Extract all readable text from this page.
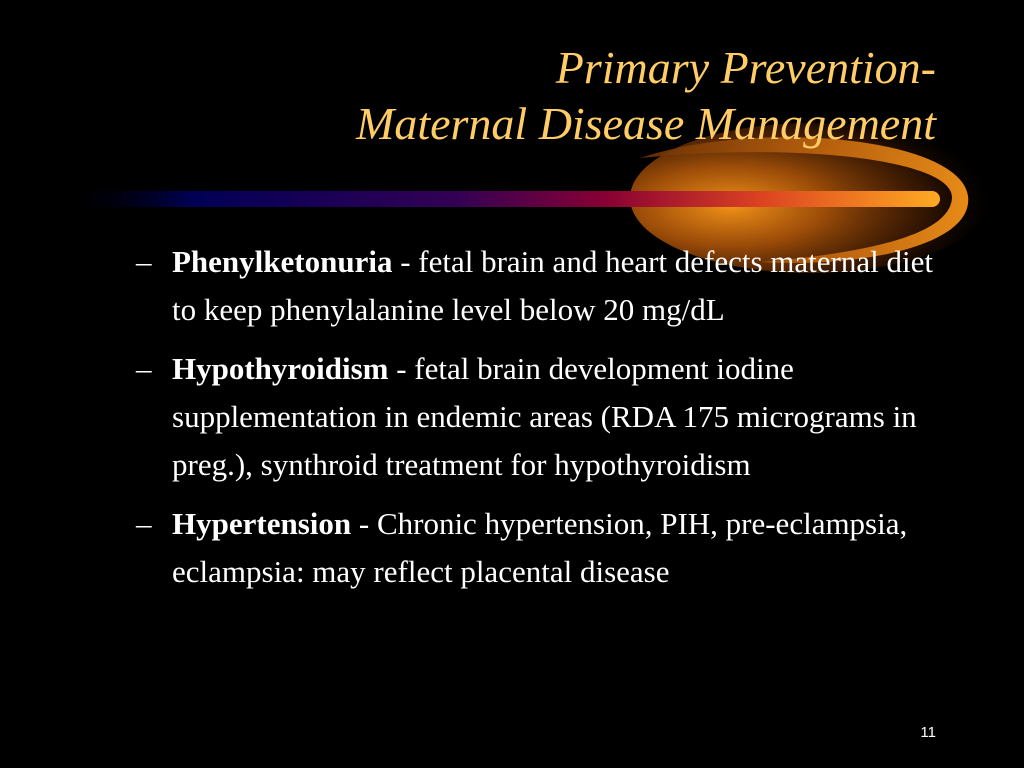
Primary Prevention-
Maternal Disease Management
– Phenylketonuria - fetal brain and heart defects maternal diet to keep phenylalanine level below 20 mg/dL
– Hypothyroidism - fetal brain development iodine supplementation in endemic areas (RDA 175 micrograms in preg.), synthroid treatment for hypothyroidism
– Hypertension - Chronic hypertension, PIH, pre-eclampsia, eclampsia: may reflect placental disease
11
